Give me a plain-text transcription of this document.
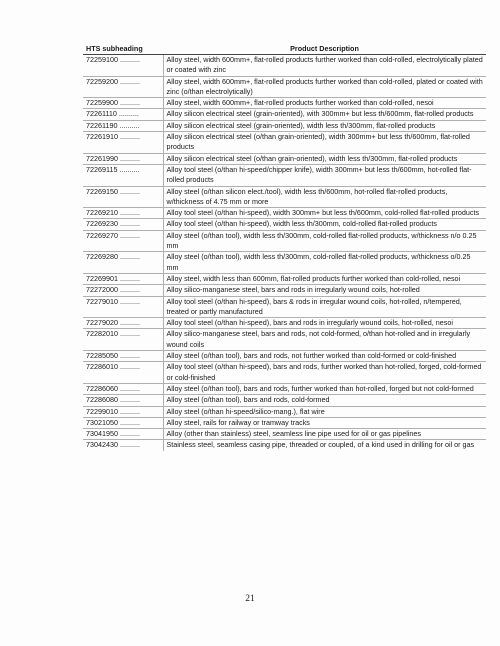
HTS subheading	Product Description
72259100 ..........	Alloy steel, width 600mm+, flat-rolled products further worked than cold-rolled, electrolytically plated or coated with zinc
72259200 ..........	Alloy steel, width 600mm+, flat-rolled products further worked than cold-rolled, plated or coated with zinc (o/than electrolytically)
72259900 ..........	Alloy steel, width 600mm+, flat-rolled products further worked than cold-rolled, nesoi
72261110 ..........	Alloy silicon electrical steel (grain-oriented), with 300mm+ but less th/600mm, flat-rolled products
72261190 ..........	Alloy silicon electrical steel (grain-oriented), width less th/300mm, flat-rolled products
72261910 ..........	Alloy silicon electrical steel (o/than grain-oriented), width 300mm+ but less th/600mm, flat-rolled products
72261990 ..........	Alloy silicon electrical steel (o/than grain-oriented), width less th/300mm, flat-rolled products
72269115 ..........	Alloy tool steel (o/than hi-speed/chipper knife), width 300mm+ but less th/600mm, hot-rolled flat-rolled products
72269150 ..........	Alloy steel (o/than silicon elect./tool), width less th/600mm, hot-rolled flat-rolled products, w/thickness of 4.75 mm or more
72269210 ..........	Alloy tool steel (o/than hi-speed), width 300mm+ but less th/600mm, cold-rolled flat-rolled products
72269230 ..........	Alloy tool steel (o/than hi-speed), width less th/300mm, cold-rolled flat-rolled products
72269270 ..........	Alloy steel (o/than tool), width less th/300mm, cold-rolled flat-rolled products, w/thickness n/o 0.25 mm
72269280 ..........	Alloy steel (o/than tool), width less th/300mm, cold-rolled flat-rolled products, w/thickness o/0.25 mm
72269901 ..........	Alloy steel, width less than 600mm, flat-rolled products further worked than cold-rolled, nesoi
72272000 ..........	Alloy silico-manganese steel, bars and rods in irregularly wound coils, hot-rolled
72279010 ..........	Alloy tool steel (o/than hi-speed), bars & rods in irregular wound coils, hot-rolled, n/tempered, treated or partly manufactured
72279020 ..........	Alloy tool steel (o/than hi-speed), bars and rods in irregularly wound coils, hot-rolled, nesoi
72282010 ..........	Alloy silico-manganese steel, bars and rods, not cold-formed, o/than hot-rolled and in irregularly wound coils
72285050 ..........	Alloy steel (o/than tool), bars and rods, not further worked than cold-formed or cold-finished
72286010 ..........	Alloy tool steel (o/than hi-speed), bars and rods, further worked than hot-rolled, forged, cold-formed or cold-finished
72286060 ..........	Alloy steel (o/than tool), bars and rods, further worked than hot-rolled, forged but not cold-formed
72286080 ..........	Alloy steel (o/than tool), bars and rods, cold-formed
72299010 ..........	Alloy steel (o/than hi-speed/silico-mang.), flat wire
73021050 ..........	Alloy steel, rails for railway or tramway tracks
73041950 ..........	Alloy (other than stainless) steel, seamless line pipe used for oil or gas pipelines
73042430 ..........	Stainless steel, seamless casing pipe, threaded or coupled, of a kind used in drilling for oil or gas
21
